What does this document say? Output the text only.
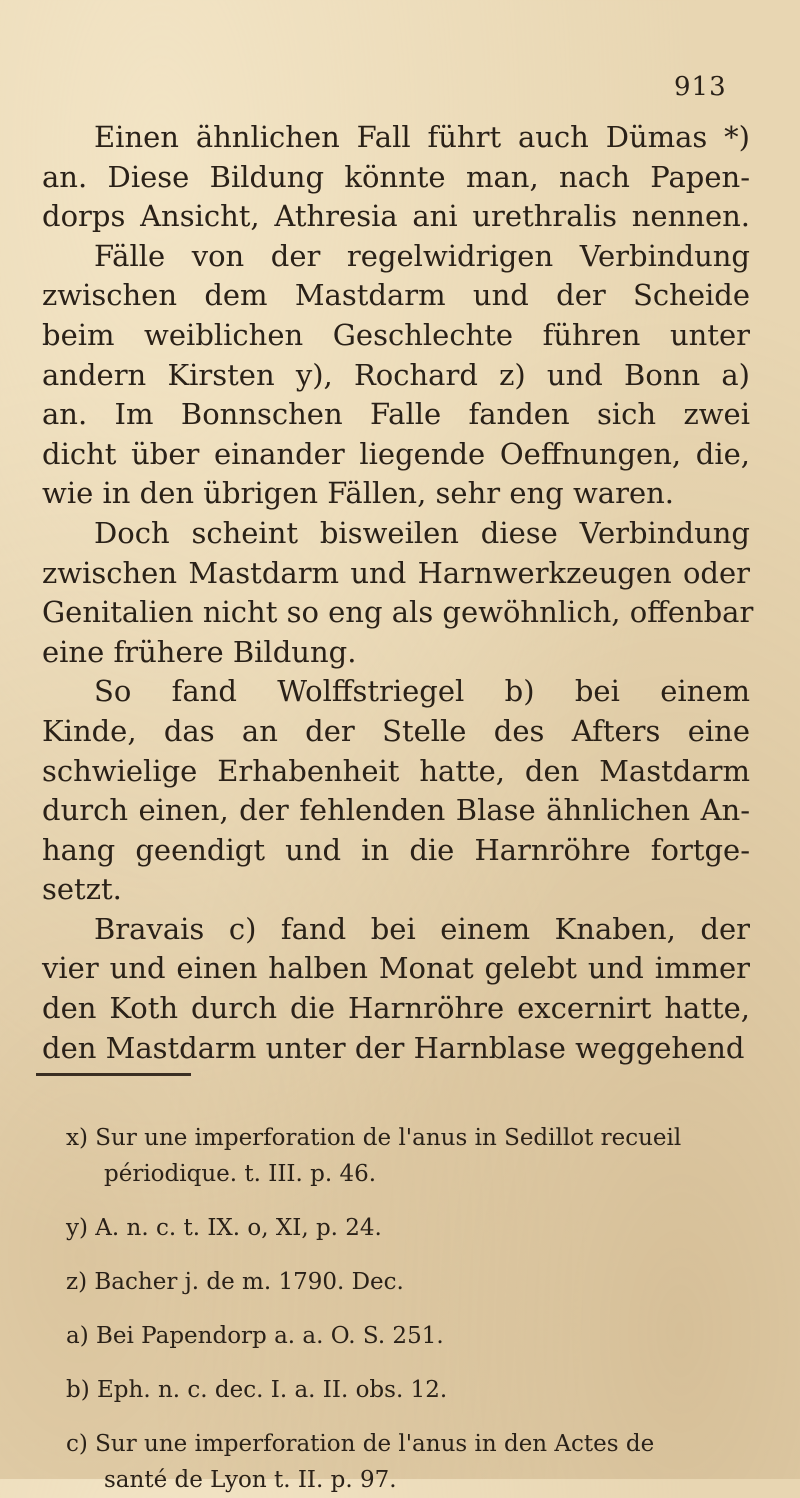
913
Einen ähnlichen Fall führt auch Dümas *)
an. Diese Bildung könnte man, nach Papen-
dorps Ansicht, Athresia ani urethralis nennen.
Fälle von der regelwidrigen Verbindung
zwischen dem Mastdarm und der Scheide
beim weiblichen Geschlechte führen unter
andern Kirsten y), Rochard z) und Bonn a)
an. Im Bonnschen Falle fanden sich zwei
dicht über einander liegende Oeffnungen, die,
wie in den übrigen Fällen, sehr eng waren.
Doch scheint bisweilen diese Verbindung
zwischen Mastdarm und Harnwerkzeugen oder
Genitalien nicht so eng als gewöhnlich, offenbar
eine frühere Bildung.
So fand Wolffstriegel b) bei einem
Kinde, das an der Stelle des Afters eine
schwielige Erhabenheit hatte, den Mastdarm
durch einen, der fehlenden Blase ähnlichen An-
hang geendigt und in die Harnröhre fortge-
setzt.
Bravais c) fand bei einem Knaben, der
vier und einen halben Monat gelebt und immer
den Koth durch die Harnröhre excernirt hatte,
den Mastdarm unter der Harnblase weggehend
x) Sur une imperforation de l'anus in Sedillot recueil
périodique. t. III. p. 46.
y) A. n. c. t. IX. o, XI, p. 24.
z) Bacher j. de m. 1790. Dec.
a) Bei Papendorp a. a. O. S. 251.
b) Eph. n. c. dec. I. a. II. obs. 12.
c) Sur une imperforation de l'anus in den Actes de
santé de Lyon t. II. p. 97.
